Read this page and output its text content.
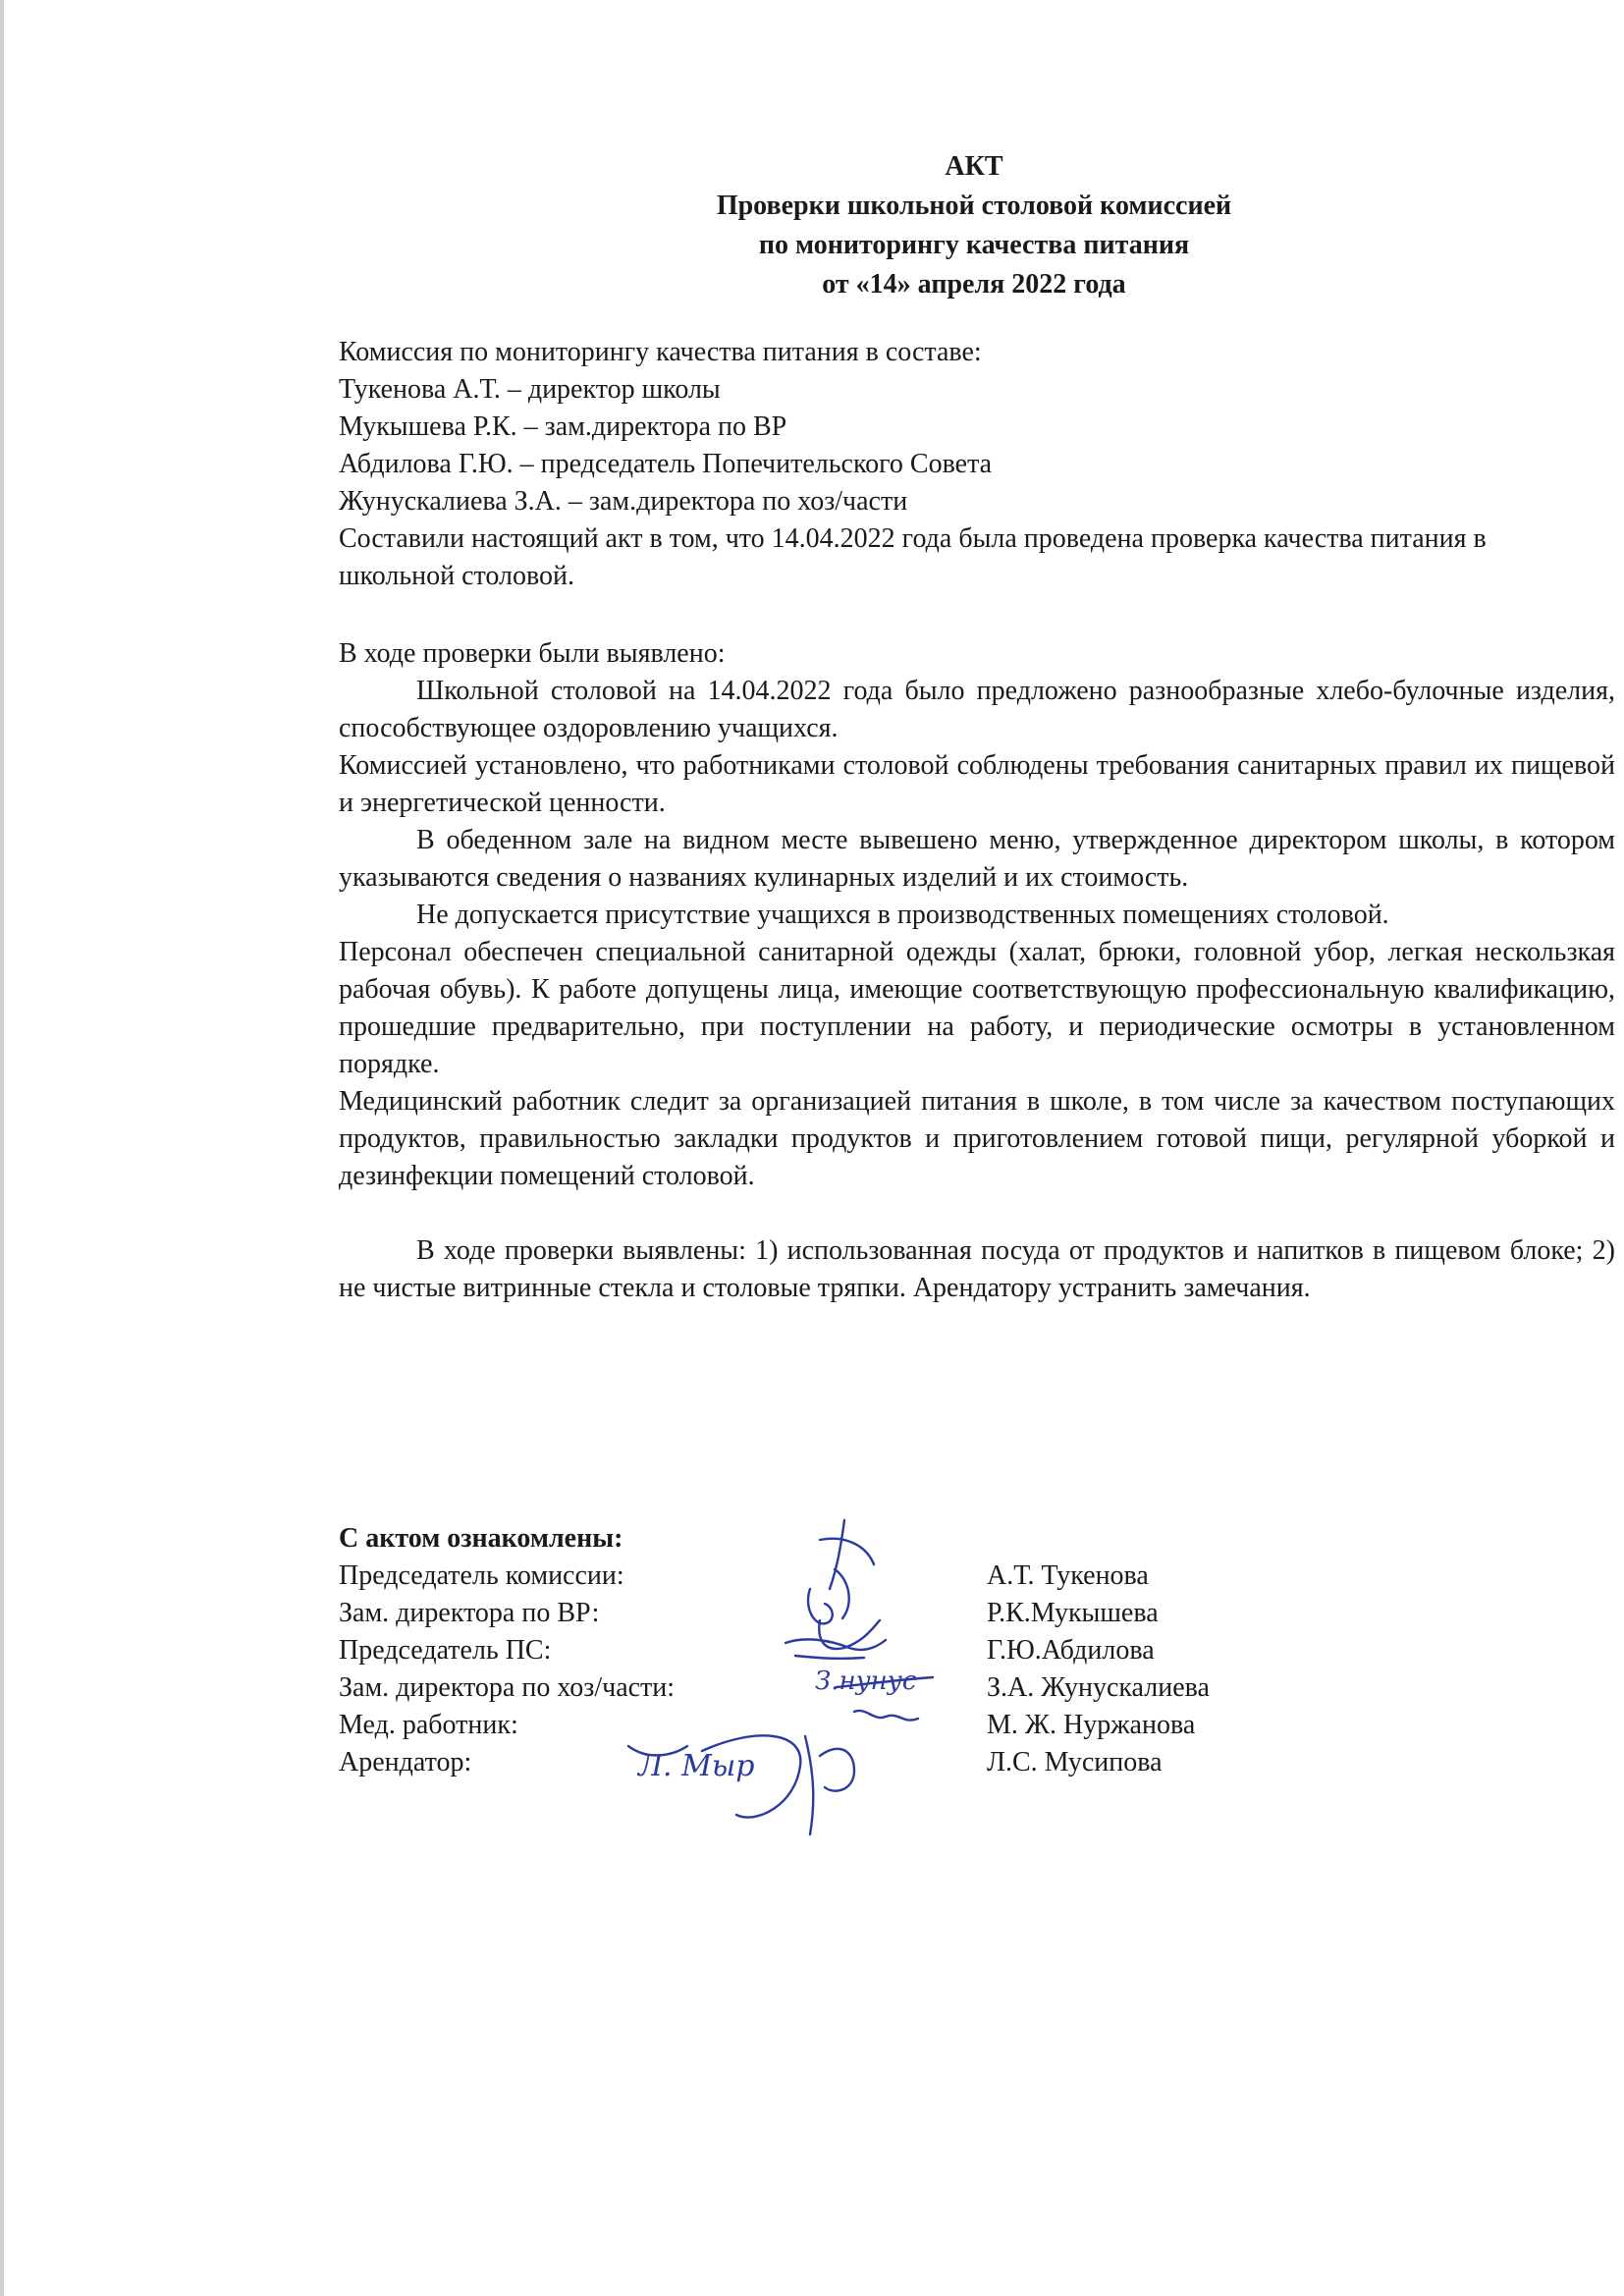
АКТ
Проверки школьной столовой комиссией
по мониторингу качества питания
от «14» апреля 2022 года
Комиссия по мониторингу качества питания в составе:
Тукенова А.Т. – директор школы
Мукышева Р.К. – зам.директора по ВР
Абдилова Г.Ю. – председатель Попечительского Совета
Жунускалиева З.А. – зам.директора по хоз/части
Составили настоящий акт в том, что 14.04.2022 года была проведена проверка качества питания в школьной столовой.

В ходе проверки были выявлено:

Школьной столовой на 14.04.2022 года было предложено разнообразные хлебо-булочные изделия, способствующее оздоровлению учащихся.

Комиссией установлено, что работниками столовой соблюдены требования санитарных правил их пищевой и энергетической ценности.

В обеденном зале на видном месте вывешено меню, утвержденное директором школы, в котором указываются сведения о названиях кулинарных изделий и их стоимость.

Не допускается присутствие учащихся в производственных помещениях столовой.

Персонал обеспечен специальной санитарной одежды (халат, брюки, головной убор, легкая нескользкая рабочая обувь). К работе допущены лица, имеющие соответствующую профессиональную квалификацию, прошедшие предварительно, при поступлении на работу, и периодические осмотры в установленном порядке.

Медицинский работник следит за организацией питания в школе, в том числе за качеством поступающих продуктов, правильностью закладки продуктов и приготовлением готовой пищи, регулярной уборкой и дезинфекции помещений столовой.

В ходе проверки выявлены: 1) использованная посуда от продуктов и напитков в пищевом блоке; 2) не чистые витринные стекла и столовые тряпки. Арендатору устранить замечания.

С актом ознакомлены:
Председатель комиссии:	А.Т. Тукенова
Зам. директора по ВР:	Р.К.Мукышева
Председатель ПС:	Г.Ю.Абдилова
Зам. директора по хоз/части:	З.А. Жунускалиева
Мед. работник:	М. Ж. Нуржанова
Арендатор:	Л.С. Мусипова
З.нунус
Л. Мыр
